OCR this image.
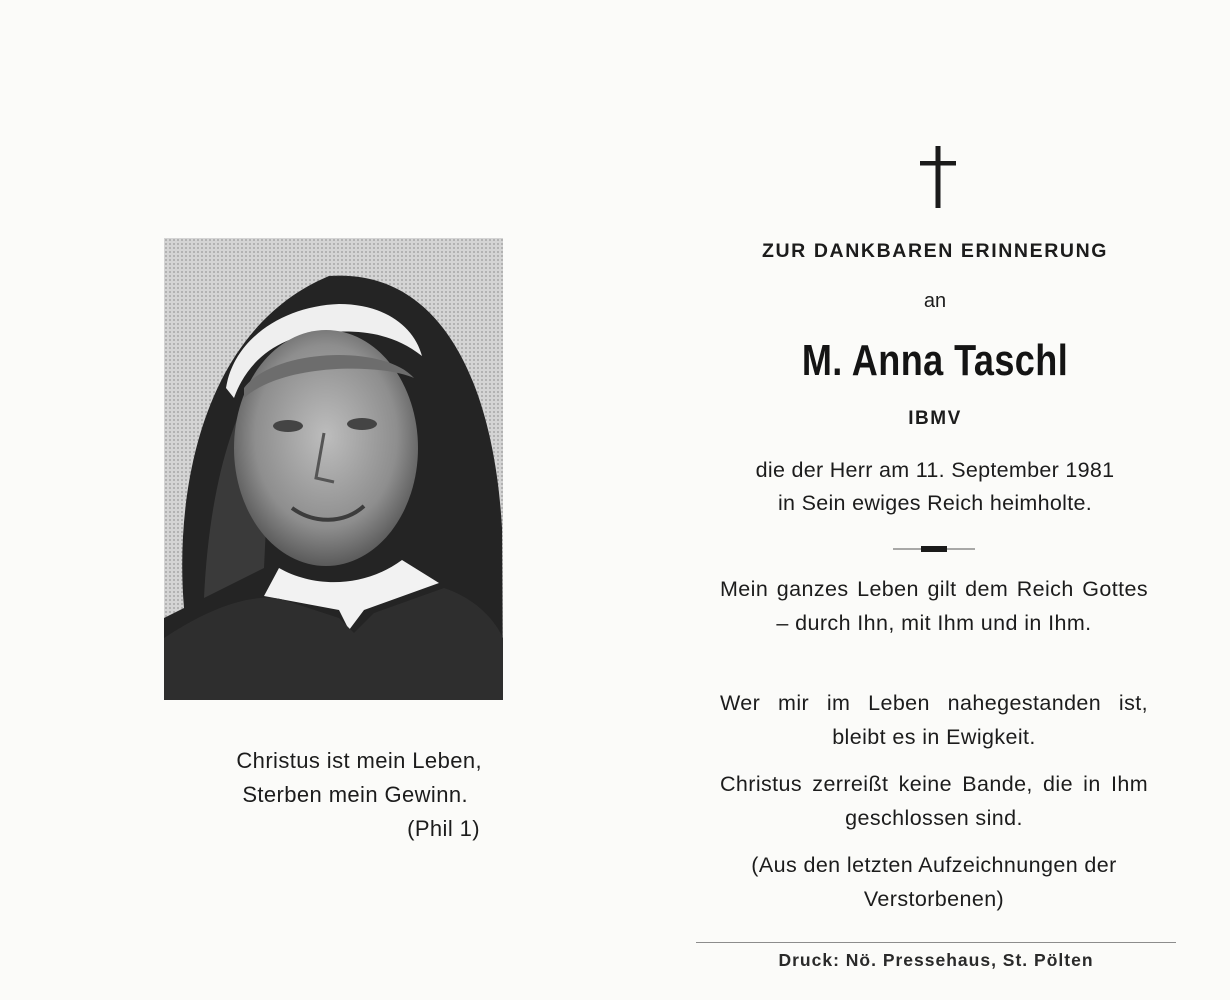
Christus ist mein Leben,
Sterben mein Gewinn.
(Phil 1)
ZUR DANKBAREN ERINNERUNG
an
M. Anna Taschl
IBMV
die der Herr am 11. September 1981
in Sein ewiges Reich heimholte.
Mein ganzes Leben gilt dem Reich Gottes – durch Ihn, mit Ihm und in Ihm.
Wer mir im Leben nahegestanden ist, bleibt es in Ewigkeit.
Christus zerreißt keine Bande, die in Ihm geschlossen sind.
(Aus den letzten Aufzeichnungen der Verstorbenen)
Druck: Nö. Pressehaus, St. Pölten
